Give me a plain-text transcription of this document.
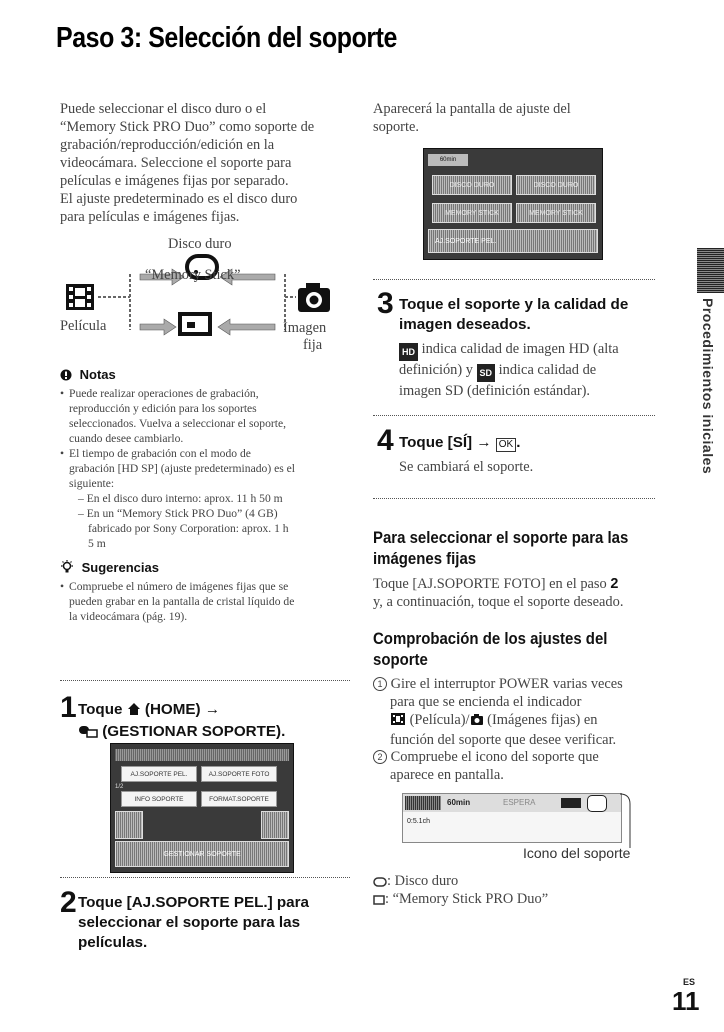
Paso 3: Selección del soporte

Puede seleccionar el disco duro o el

“Memory Stick PRO Duo” como soporte de

grabación/reproducción/edición en la

videocámara. Seleccione el soporte para

películas e imágenes fijas por separado.

El ajuste predeterminado es el disco duro

para películas e imágenes fijas.

Disco duro
“Memory Stick”
Película	Imagen
fija
Notas
• Puede realizar operaciones de grabación,
reproducción y edición para los soportes
seleccionados. Vuelva a seleccionar el soporte,
cuando desee cambiarlo.
• El tiempo de grabación con el modo de
grabación [HD SP] (ajuste predeterminado) es el
siguiente:
– En el disco duro interno: aprox. 11 h 50 m
– En un “Memory Stick PRO Duo” (4 GB)
fabricado por Sony Corporation: aprox. 1 h
5 m
Sugerencias
• Compruebe el número de imágenes fijas que se
pueden grabar en la pantalla de cristal líquido de
la videocámara (pág. 19).
1 Toque (HOME) →
(GESTIONAR SOPORTE).
AJ.SOPORTE PEL.	AJ.SOPORTE FOTO
1/2
INFO SOPORTE	FORMAT.SOPORTE
GESTIONAR SOPORTE
2 Toque [AJ.SOPORTE PEL.] para
seleccionar el soporte para las
películas.

Aparecerá la pantalla de ajuste del

soporte.

60min
DISCO DURO	DISCO DURO
MEMORY STICK	MEMORY STICK
AJ.SOPORTE PEL.
3 Toque el soporte y la calidad de
imagen deseados.

HD indica calidad de imagen HD (alta

definición) y SD indica calidad de

imagen SD (definición estándar).

4 Toque [SÍ] → OK .
Se cambiará el soporte.
Para seleccionar el soporte para las
imágenes fijas

Toque [AJ.SOPORTE FOTO] en el paso 2

y, a continuación, toque el soporte deseado.

Comprobación de los ajustes del
soporte

1 Gire el interruptor POWER varias veces

para que se encienda el indicador

(Película)/ (Imágenes fijas) en

función del soporte que desee verificar.

2 Compruebe el icono del soporte que

aparece en pantalla.

60min	ESPERA
0:5.1ch
Icono del soporte
: Disco duro
: “Memory Stick PRO Duo”
Procedimientos iniciales
ES
11
